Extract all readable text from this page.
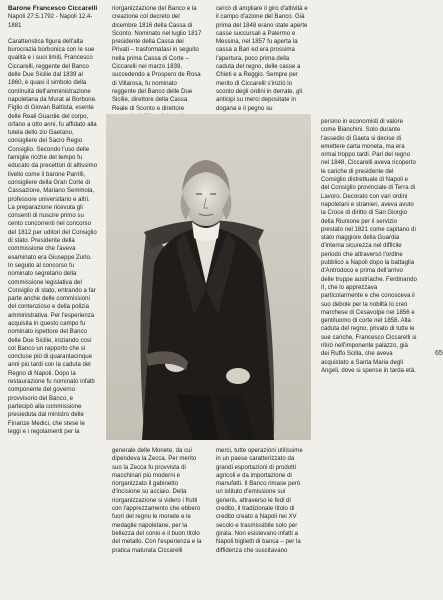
Barone Francesco Ciccarelli

Napoli 27.5.1792 - Napoli 12.4-1881

Caratteristica figura dell'alta burocrazia borbonica con le sue qualità e i suoi limiti, Francesco Ciccarelli, reggente del Banco delle Due Sicilie dal 1839 al 1860, è quasi il simbolo della continuità dell'amministrazione napoletana da Murat ai Borbone. Figlio di Giovan Battista, esente delle Reali Guardie del corpo, orfano a otto anni, fu affidato alla tutela dello zio Gaetano, consigliere del Sacro Regio Consiglio. Secondo l'uso delle famiglie ricche del tempo fu educato da precettori di altissimo livello come il barone Parrilli, consigliere della Gran Corte di Cassazione, Mariano Semmola, professore universitario e altri. La preparazione ricevuta gli consentì di riuscire primo su cento concorrenti nel concorso del 1812 per uditori del Consiglio di stato. Presidente della commissione che l'aveva esaminato era Giuseppe Zurlo. In seguito al concorso fu nominato segretario della commissione legislativa del Consiglio di stato, entrando a far parte anche delle commissioni del contenzioso e della polizia amministrativa. Per l'esperienza acquisita in questo campo fu nominato ispettore del Banco delle Due Sicilie, iniziando così col Banco un rapporto che si concluse più di quarantacinque anni più tardi con la caduta del Regno di Napoli. Dopo la restaurazione fu nominato infatti componente del governo provvisorio del Banco, e partecipò alla commissione presieduta dal ministro delle Finanze Medici, che stese le leggi e i regolamenti per la

riorganizzazione del Banco e la creazione col decreto del dicembre 1816 della Cassa di Sconto. Nominato nel luglio 1817 presidente della Cassa dei Privati – trasformatasi in seguito nella prima Cassa di Corte – Ciccarelli nel marzo 1839, succedendo a Prospero de Rosa di Villarosa, fu nominato reggente del Banco delle Due Sicilie, direttore della Cassa Reale di Sconto e direttore

cercò di ampliare il giro d'attività e il campo d'azione del Banco. Già prima del 1848 erano state aperte casse succursali a Palermo e Messina, nel 1857 fu aperta la cassa a Bari ed era prossima l'apertura, poco prima della caduta del regno, delle casse a Chieti e a Reggio. Sempre per merito di Ciccarelli s'iniziò lo sconto degli ordini in derrate, gli anticipi su merci depositate in dogana e il pegno su

persino in economisti di valore come Bianchini. Solo durante l'assedio di Gaeta si decise di emettere carta moneta, ma era ormai troppo tardi. Pari del regno nel 1848, Ciccarelli aveva ricoperto le cariche di presidente del Consiglio distrettuale di Napoli e del Consiglio provinciale di Terra di Lavoro. Decorato con vari ordini napoletani e stranieri, aveva avuto la Croce di diritto di San Giorgio della Riunione per il servizio prestato nel 1821 come capitano di stato maggiore della Guardia d'interna sicurezza nel difficile periodo che attraversò l'ordine pubblico a Napoli dopo la battaglia d'Antrodoco e prima dell'arrivo delle truppe austriache. Ferdinando II, che lo apprezzava particolarmente e che conosceva il suo debole per la nobiltà lo creò marchese di Cesavolpe nel 1856 e gentiluomo di corte nel 1858. Alla caduta del regno, privato di tutte le sue cariche, Francesco Ciccarelli si ritirò nell'imponente palazzo, già dei Ruffo Scilla, che aveva acquistato a Santa Maria degli Angeli, dove si spense in tarda età.

generale delle Monete, da cui dipendeva la Zecca. Per merito suo la Zecca fu provvista di macchinari più moderni e riorganizzato il gabinetto d'incisione su acciaio. Della riorganizzazione si videro i frutti con l'apprezzamento che ebbero fuori del regno le monete e le medaglie napoletane, per la bellezza del conio e il buon titolo del metallo. Con l'esperienza e la pratica maturata Ciccarelli

merci, tutte operazioni utilissime in un paese caratterizzato da grandi esportazioni di prodotti agricoli e da importazione di manufatti. Il Banco rimase però un istituto d'emissione sui generis, attraverso le fedi di credito, il tradizionale titolo di credito creato a Napoli nei XV secolo e trasmissibile solo per girata. Non esistevano infatti a Napoli biglietti di banca – per la diffidenza che suscitavano

65
